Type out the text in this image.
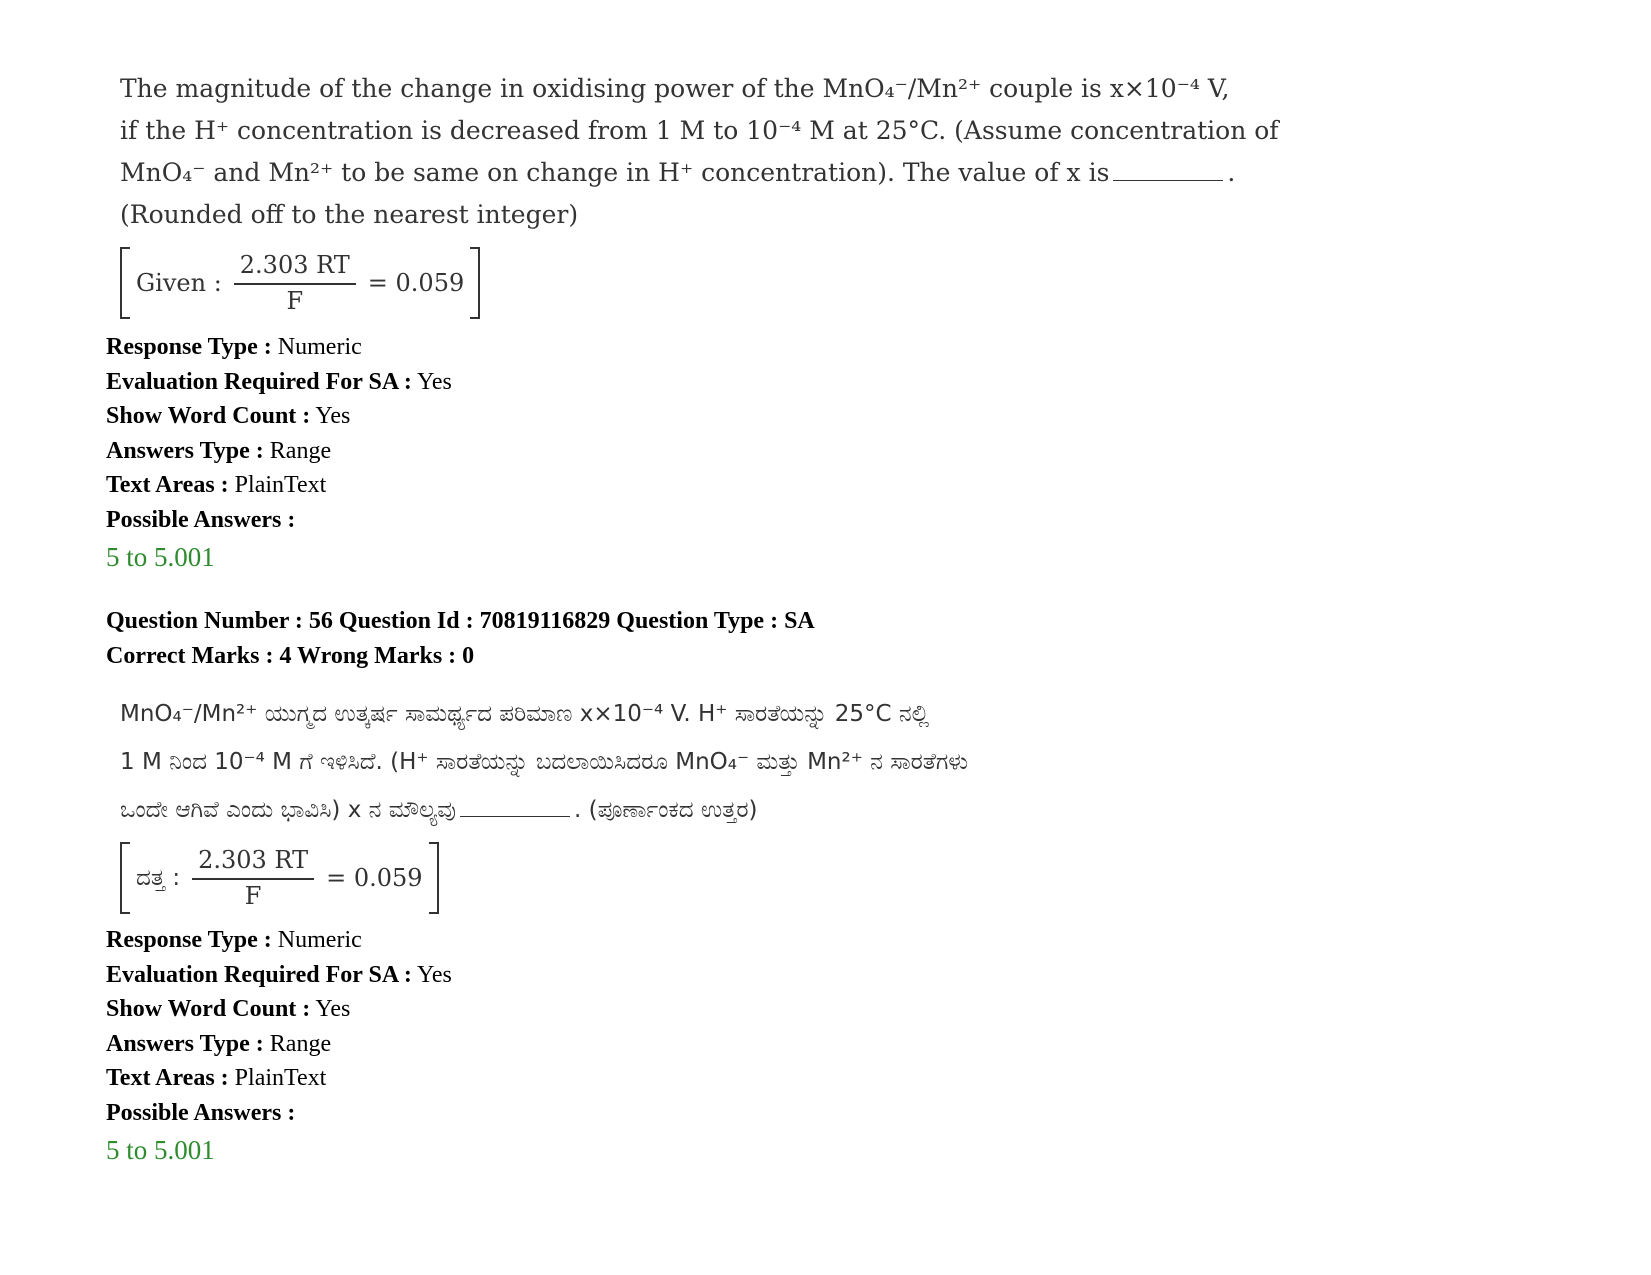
The magnitude of the change in oxidising power of the MnO₄⁻/Mn²⁺ couple is x×10⁻⁴ V,
if the H⁺ concentration is decreased from 1 M to 10⁻⁴ M at 25°C. (Assume concentration of
MnO₄⁻ and Mn²⁺ to be same on change in H⁺ concentration). The value of x is	.
(Rounded off to the nearest integer)
Given : $\frac{2.303 RT}{F} = 0.059$
Response Type : Numeric
Evaluation Required For SA : Yes
Show Word Count : Yes
Answers Type : Range
Text Areas : PlainText
Possible Answers :
5 to 5.001
Question Number : 56 Question Id : 70819116829 Question Type : SA
Correct Marks : 4 Wrong Marks : 0
MnO₄⁻/Mn²⁺ ಯುಗ್ಮದ ಉತ್ಕರ್ಷ ಸಾಮರ್ಥ್ಯದ ಪರಿಮಾಣ x×10⁻⁴ V. H⁺ ಸಾರತೆಯನ್ನು 25°C ನಲ್ಲಿ
1 M ನಿಂದ 10⁻⁴ M ಗೆ ಇಳಿಸಿದೆ. (H⁺ ಸಾರತೆಯನ್ನು ಬದಲಾಯಿಸಿದರೂ MnO₄⁻ ಮತ್ತು Mn²⁺ ನ ಸಾರತೆಗಳು
ಒಂದೇ ಆಗಿವೆ ಎಂದು ಭಾವಿಸಿ) x ನ ಮೌಲ್ಯವು	. (ಪೂರ್ಣಾಂಕದ ಉತ್ತರ)
ದತ್ತ : $\frac{2.303 RT}{F} = 0.059$
Response Type : Numeric
Evaluation Required For SA : Yes
Show Word Count : Yes
Answers Type : Range
Text Areas : PlainText
Possible Answers :
5 to 5.001
